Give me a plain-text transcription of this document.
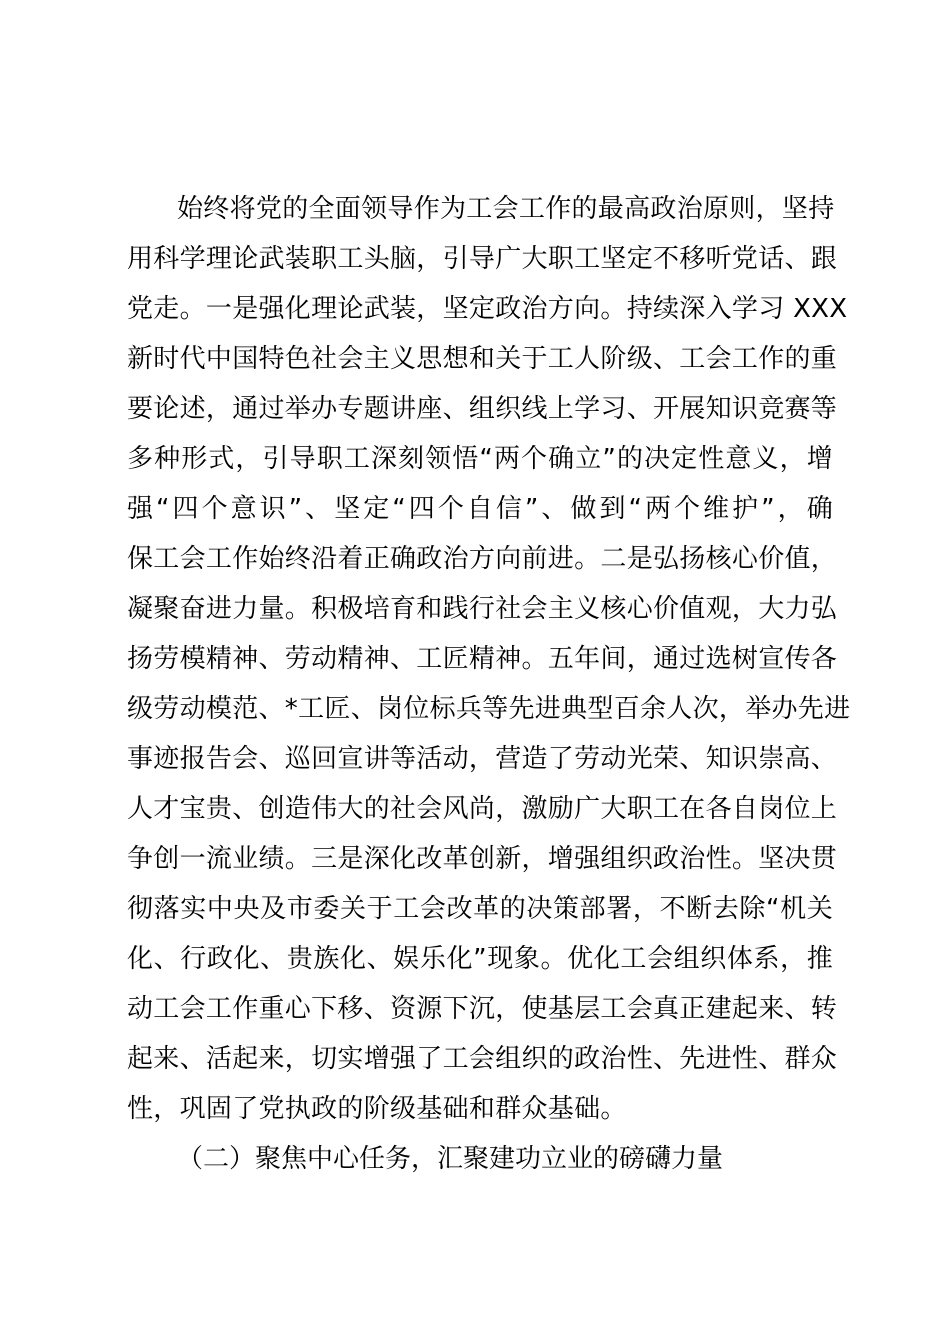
始终将党的全面领导作为工会工作的最高政治原则，坚持
用科学理论武装职工头脑，引导广大职工坚定不移听党话、跟
党走。一是强化理论武装，坚定政治方向。持续深入学习 XXX
新时代中国特色社会主义思想和关于工人阶级、工会工作的重
要论述，通过举办专题讲座、组织线上学习、开展知识竞赛等
多种形式，引导职工深刻领悟“两个确立”的决定性意义，增
强“四个意识”、坚定“四个自信”、做到“两个维护”，确
保工会工作始终沿着正确政治方向前进。二是弘扬核心价值，
凝聚奋进力量。积极培育和践行社会主义核心价值观，大力弘
扬劳模精神、劳动精神、工匠精神。五年间，通过选树宣传各
级劳动模范、*工匠、岗位标兵等先进典型百余人次，举办先进
事迹报告会、巡回宣讲等活动，营造了劳动光荣、知识崇高、
人才宝贵、创造伟大的社会风尚，激励广大职工在各自岗位上
争创一流业绩。三是深化改革创新，增强组织政治性。坚决贯
彻落实中央及市委关于工会改革的决策部署，不断去除“机关
化、行政化、贵族化、娱乐化”现象。优化工会组织体系，推
动工会工作重心下移、资源下沉，使基层工会真正建起来、转
起来、活起来，切实增强了工会组织的政治性、先进性、群众
性，巩固了党执政的阶级基础和群众基础。
（二）聚焦中心任务，汇聚建功立业的磅礴力量
